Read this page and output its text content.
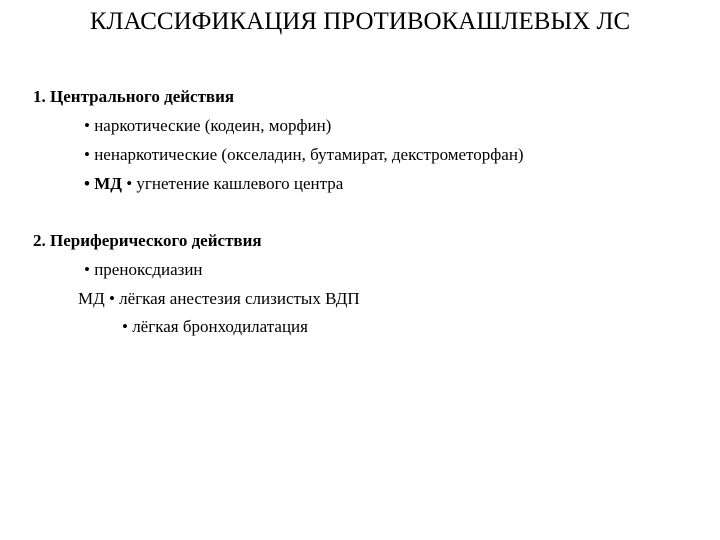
КЛАССИФИКАЦИЯ ПРОТИВОКАШЛЕВЫХ ЛС
1. Центрального действия
• наркотические (кодеин, морфин)
• ненаркотические (окселадин, бутамират, декстрометорфан)
• МД • угнетение кашлевого центра
2. Периферического действия
• преноксдиазин
МД • лёгкая анестезия слизистых ВДП
• лёгкая бронходилатация
